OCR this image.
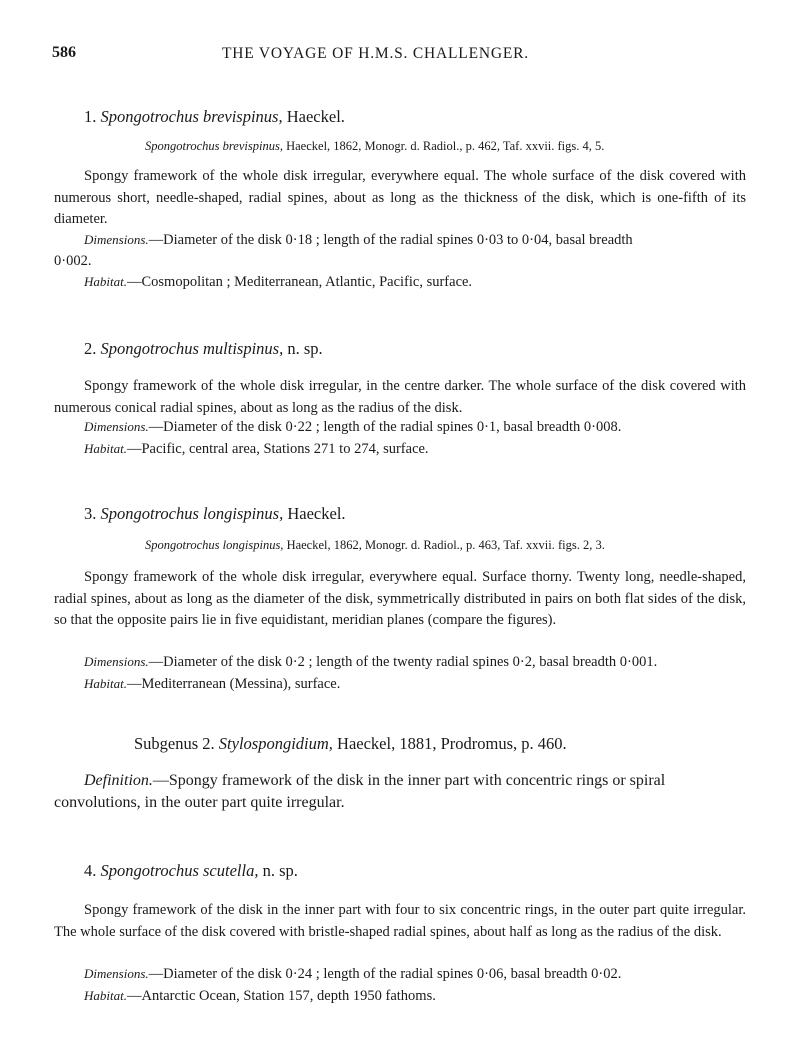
586	THE VOYAGE OF H.M.S. CHALLENGER.
1. Spongotrochus brevispinus, Haeckel.
Spongotrochus brevispinus, Haeckel, 1862, Monogr. d. Radiol., p. 462, Taf. xxvii. figs. 4, 5.
Spongy framework of the whole disk irregular, everywhere equal. The whole surface of the disk covered with numerous short, needle-shaped, radial spines, about as long as the thickness of the disk, which is one-fifth of its diameter.
Dimensions.—Diameter of the disk 0·18 ; length of the radial spines 0·03 to 0·04, basal breadth
0·002.
Habitat.—Cosmopolitan ; Mediterranean, Atlantic, Pacific, surface.
2. Spongotrochus multispinus, n. sp.
Spongy framework of the whole disk irregular, in the centre darker. The whole surface of the disk covered with numerous conical radial spines, about as long as the radius of the disk.
Dimensions.—Diameter of the disk 0·22 ; length of the radial spines 0·1, basal breadth 0·008.
Habitat.—Pacific, central area, Stations 271 to 274, surface.
3. Spongotrochus longispinus, Haeckel.
Spongotrochus longispinus, Haeckel, 1862, Monogr. d. Radiol., p. 463, Taf. xxvii. figs. 2, 3.
Spongy framework of the whole disk irregular, everywhere equal. Surface thorny. Twenty long, needle-shaped, radial spines, about as long as the diameter of the disk, symmetrically distributed in pairs on both flat sides of the disk, so that the opposite pairs lie in five equidistant, meridian planes (compare the figures).
Dimensions.—Diameter of the disk 0·2 ; length of the twenty radial spines 0·2, basal breadth 0·001.
Habitat.—Mediterranean (Messina), surface.
Subgenus 2. Stylospongidium, Haeckel, 1881, Prodromus, p. 460.
Definition.—Spongy framework of the disk in the inner part with concentric rings or spiral convolutions, in the outer part quite irregular.
4. Spongotrochus scutella, n. sp.
Spongy framework of the disk in the inner part with four to six concentric rings, in the outer part quite irregular. The whole surface of the disk covered with bristle-shaped radial spines, about half as long as the radius of the disk.
Dimensions.—Diameter of the disk 0·24 ; length of the radial spines 0·06, basal breadth 0·02.
Habitat.—Antarctic Ocean, Station 157, depth 1950 fathoms.
